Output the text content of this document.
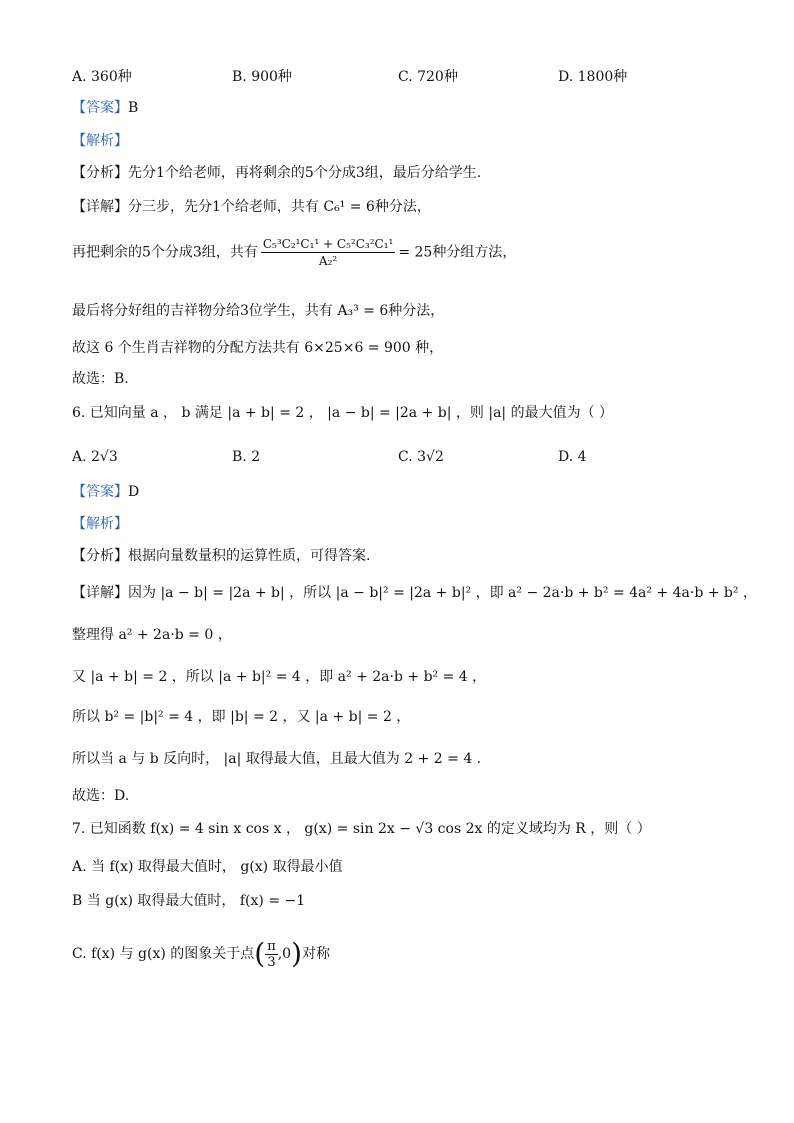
A. 360种	B. 900种	C. 720种	D. 1800种
【答案】B
【解析】
【分析】先分1个给老师，再将剩余的5个分成3组，最后分给学生.
【详解】分三步，先分1个给老师，共有 C₆¹ = 6种分法，
再把剩余的5个分成3组，共有 $\frac{\text{C₅³C₂¹C₁¹ + C₅²C₃²C₁¹}}{\text{A₂²}} = 25$种分组方法，
最后将分好组的吉祥物分给3位学生，共有 A₃³ = 6种分法，
故这 6 个生肖吉祥物的分配方法共有 6×25×6 = 900 种，
故选：B.
6. 已知向量 a ， b 满足 |a + b| = 2 ， |a − b| = |2a + b| ，则 |a| 的最大值为（ ）
A. 2√3	B. 2	C. 3√2	D. 4
【答案】D
【解析】
【分析】根据向量数量积的运算性质，可得答案.
【详解】因为 |a − b| = |2a + b| ，所以 |a − b|² = |2a + b|² ，即 a² − 2a·b + b² = 4a² + 4a·b + b² ，
整理得 a² + 2a·b = 0 ，
又 |a + b| = 2 ，所以 |a + b|² = 4 ，即 a² + 2a·b + b² = 4 ，
所以 b² = |b|² = 4 ，即 |b| = 2 ，又 |a + b| = 2 ，
所以当 a 与 b 反向时， |a| 取得最大值，且最大值为 2 + 2 = 4 .
故选：D.
7. 已知函数 f(x) = 4 sin x cos x ， g(x) = sin 2x − √3 cos 2x 的定义域均为 R ，则（ ）
A. 当 f(x) 取得最大值时， g(x) 取得最小值
B 当 g(x) 取得最大值时， f(x) = −1
C. f(x) 与 g(x) 的图象关于点( $\frac{\pi}{3} ,0$)对称
